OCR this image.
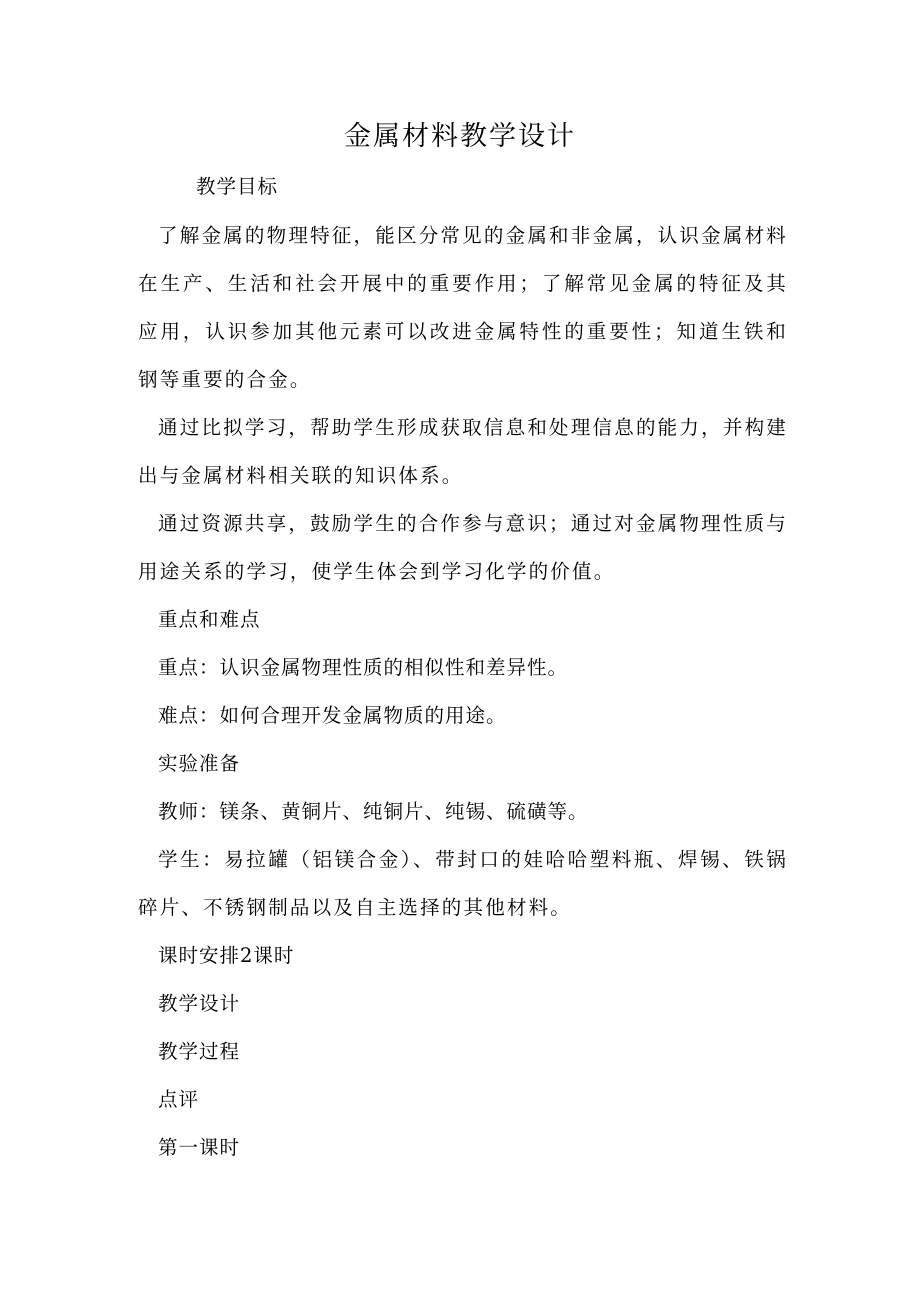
金属材料教学设计

教学目标

了解金属的物理特征，能区分常见的金属和非金属，认识金属材料在生产、生活和社会开展中的重要作用；了解常见金属的特征及其应用，认识参加其他元素可以改进金属特性的重要性；知道生铁和钢等重要的合金。

通过比拟学习，帮助学生形成获取信息和处理信息的能力，并构建出与金属材料相关联的知识体系。

通过资源共享，鼓励学生的合作参与意识；通过对金属物理性质与用途关系的学习，使学生体会到学习化学的价值。

重点和难点

重点：认识金属物理性质的相似性和差异性。

难点：如何合理开发金属物质的用途。

实验准备

教师：镁条、黄铜片、纯铜片、纯锡、硫磺等。

学生：易拉罐（铝镁合金）、带封口的娃哈哈塑料瓶、焊锡、铁锅碎片、不锈钢制品以及自主选择的其他材料。

课时安排2课时

教学设计

教学过程

点评

第一课时
